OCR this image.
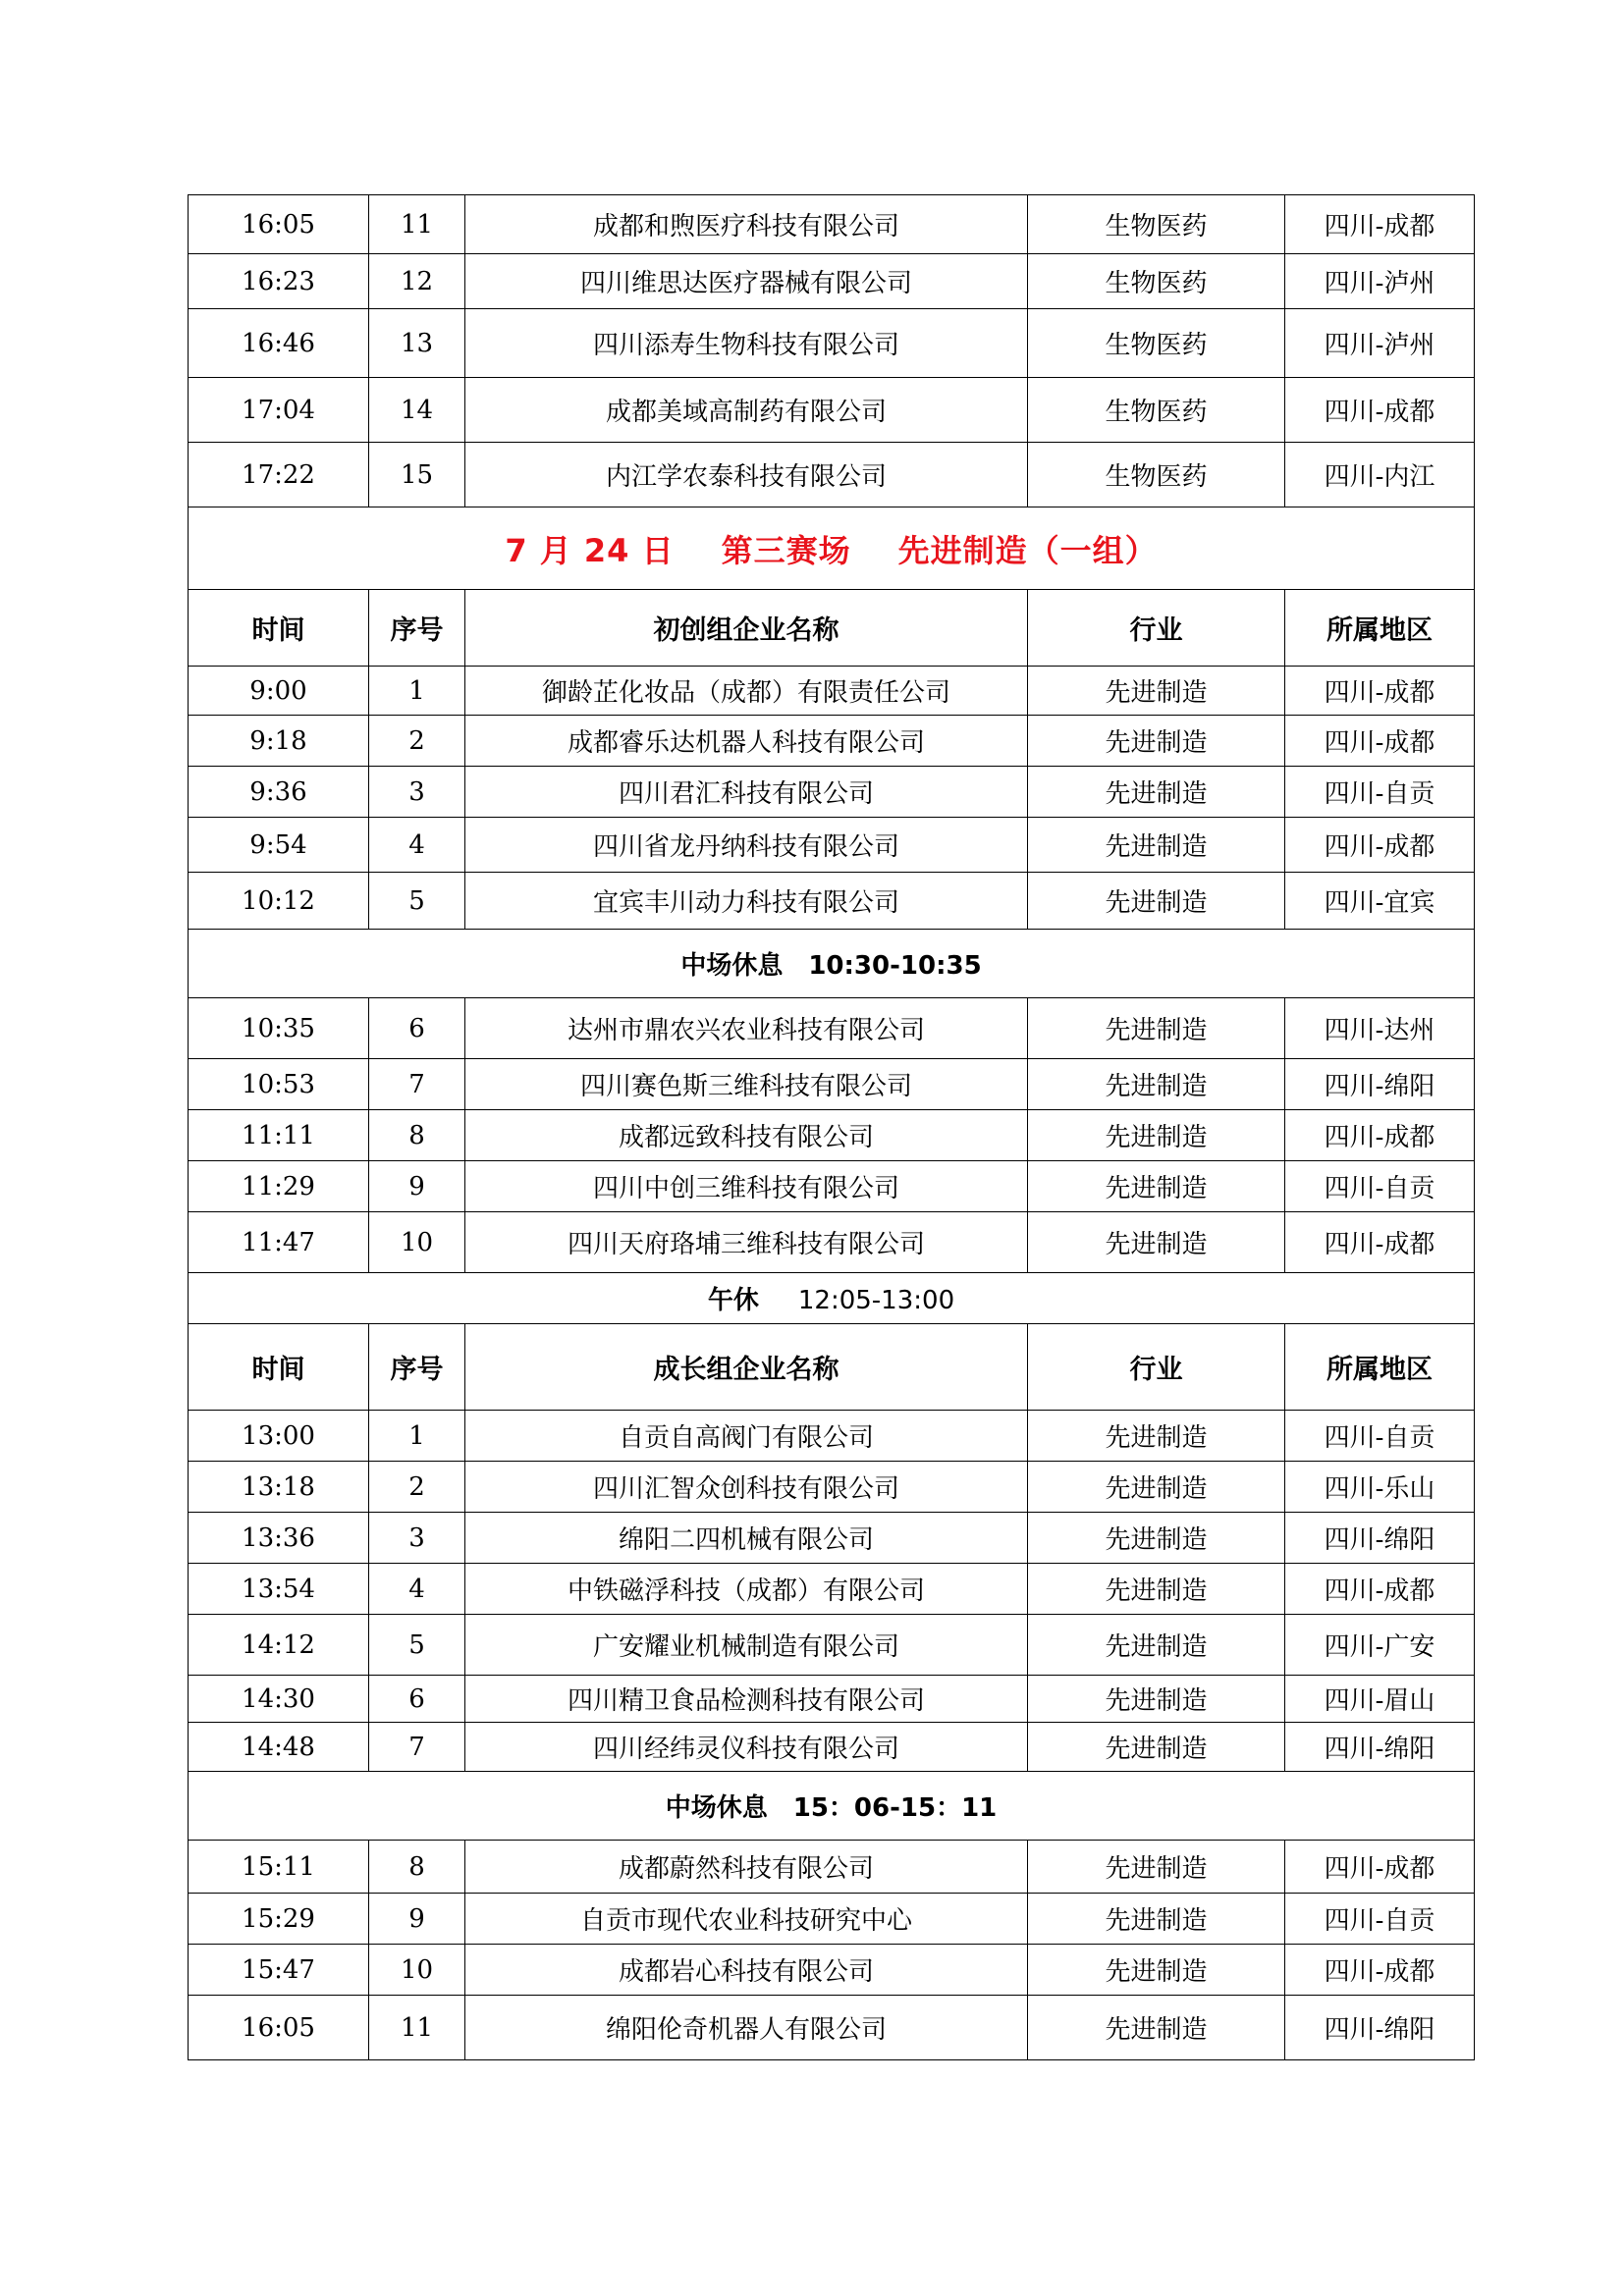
16:05	11	成都和煦医疗科技有限公司	生物医药	四川-成都
16:23	12	四川维思达医疗器械有限公司	生物医药	四川-泸州
16:46	13	四川添寿生物科技有限公司	生物医药	四川-泸州
17:04	14	成都美域高制药有限公司	生物医药	四川-成都
17:22	15	内江学农泰科技有限公司	生物医药	四川-内江
7 月 24 日 第三赛场 先进制造（一组）				
时间	序号	初创组企业名称	行业	所属地区
9:00	1	御龄芷化妆品（成都）有限责任公司	先进制造	四川-成都
9:18	2	成都睿乐达机器人科技有限公司	先进制造	四川-成都
9:36	3	四川君汇科技有限公司	先进制造	四川-自贡
9:54	4	四川省龙丹纳科技有限公司	先进制造	四川-成都
10:12	5	宜宾丰川动力科技有限公司	先进制造	四川-宜宾
中场休息 10:30-10:35				
10:35	6	达州市鼎农兴农业科技有限公司	先进制造	四川-达州
10:53	7	四川赛色斯三维科技有限公司	先进制造	四川-绵阳
11:11	8	成都远致科技有限公司	先进制造	四川-成都
11:29	9	四川中创三维科技有限公司	先进制造	四川-自贡
11:47	10	四川天府珞埔三维科技有限公司	先进制造	四川-成都
午休 12:05-13:00				
时间	序号	成长组企业名称	行业	所属地区
13:00	1	自贡自高阀门有限公司	先进制造	四川-自贡
13:18	2	四川汇智众创科技有限公司	先进制造	四川-乐山
13:36	3	绵阳二四机械有限公司	先进制造	四川-绵阳
13:54	4	中铁磁浮科技（成都）有限公司	先进制造	四川-成都
14:12	5	广安耀业机械制造有限公司	先进制造	四川-广安
14:30	6	四川精卫食品检测科技有限公司	先进制造	四川-眉山
14:48	7	四川经纬灵仪科技有限公司	先进制造	四川-绵阳
中场休息 15：06-15：11				
15:11	8	成都蔚然科技有限公司	先进制造	四川-成都
15:29	9	自贡市现代农业科技研究中心	先进制造	四川-自贡
15:47	10	成都岩心科技有限公司	先进制造	四川-成都
16:05	11	绵阳伦奇机器人有限公司	先进制造	四川-绵阳
